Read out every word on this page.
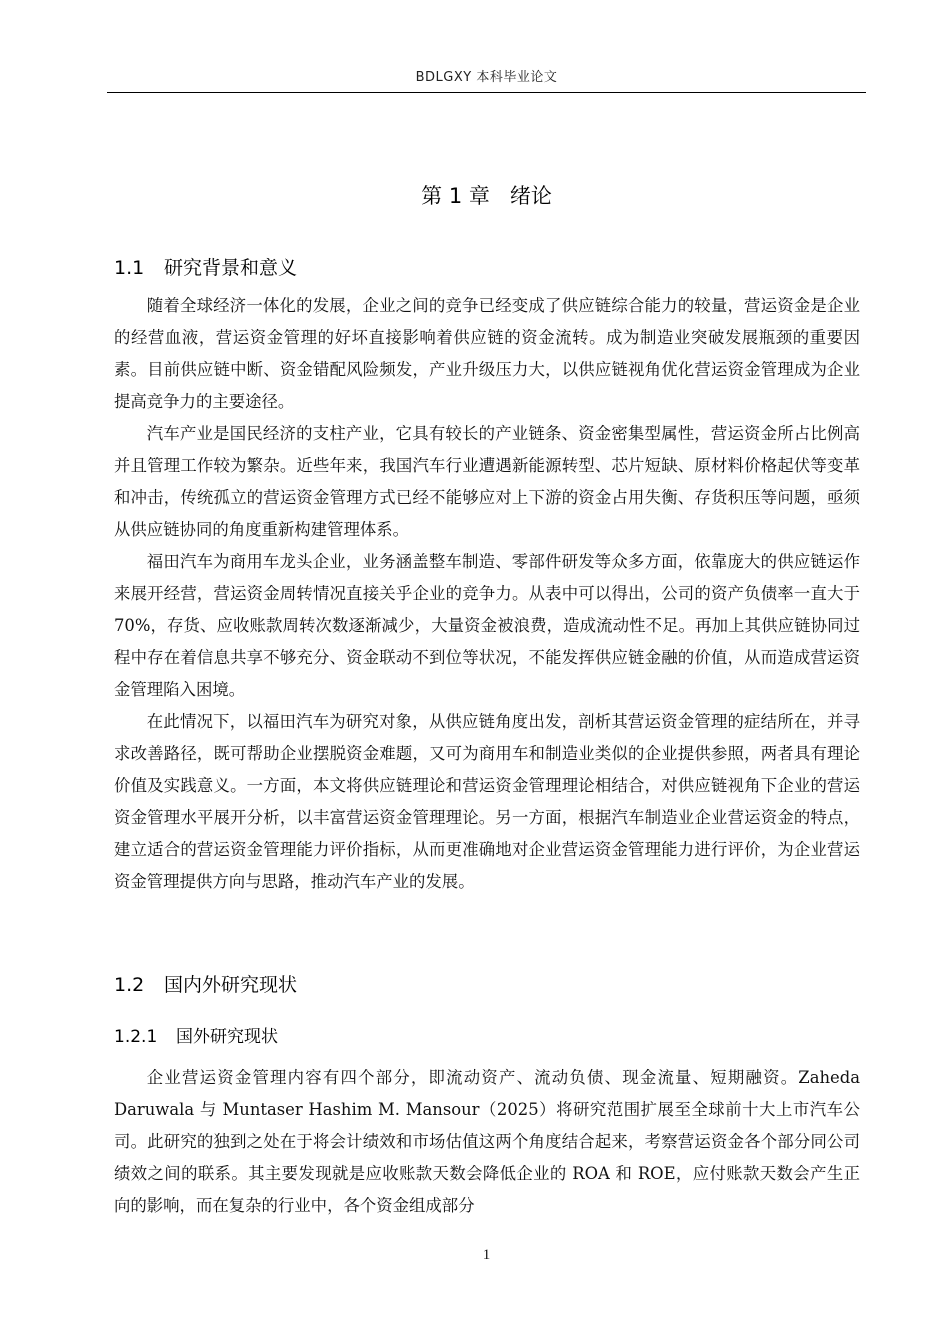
BDLGXY 本科毕业论文
第 1 章 绪论
1.1 研究背景和意义

随着全球经济一体化的发展，企业之间的竞争已经变成了供应链综合能力的较量，营运资金是企业的经营血液，营运资金管理的好坏直接影响着供应链的资金流转。成为制造业突破发展瓶颈的重要因素。目前供应链中断、资金错配风险频发，产业升级压力大，以供应链视角优化营运资金管理成为企业提高竞争力的主要途径。

汽车产业是国民经济的支柱产业，它具有较长的产业链条、资金密集型属性，营运资金所占比例高并且管理工作较为繁杂。近些年来，我国汽车行业遭遇新能源转型、芯片短缺、原材料价格起伏等变革和冲击，传统孤立的营运资金管理方式已经不能够应对上下游的资金占用失衡、存货积压等问题，亟须从供应链协同的角度重新构建管理体系。

福田汽车为商用车龙头企业，业务涵盖整车制造、零部件研发等众多方面，依靠庞大的供应链运作来展开经营，营运资金周转情况直接关乎企业的竞争力。从表中可以得出，公司的资产负债率一直大于 70%，存货、应收账款周转次数逐渐减少，大量资金被浪费，造成流动性不足。再加上其供应链协同过程中存在着信息共享不够充分、资金联动不到位等状况，不能发挥供应链金融的价值，从而造成营运资金管理陷入困境。

在此情况下，以福田汽车为研究对象，从供应链角度出发，剖析其营运资金管理的症结所在，并寻求改善路径，既可帮助企业摆脱资金难题，又可为商用车和制造业类似的企业提供参照，两者具有理论价值及实践意义。一方面，本文将供应链理论和营运资金管理理论相结合，对供应链视角下企业的营运资金管理水平展开分析，以丰富营运资金管理理论。另一方面，根据汽车制造业企业营运资金的特点，建立适合的营运资金管理能力评价指标，从而更准确地对企业营运资金管理能力进行评价，为企业营运资金管理提供方向与思路，推动汽车产业的发展。

1.2 国内外研究现状
1.2.1 国外研究现状

企业营运资金管理内容有四个部分，即流动资产、流动负债、现金流量、短期融资。Zaheda Daruwala 与 Muntaser Hashim M. Mansour（2025）将研究范围扩展至全球前十大上市汽车公司。此研究的独到之处在于将会计绩效和市场估值这两个角度结合起来，考察营运资金各个部分同公司绩效之间的联系。其主要发现就是应收账款天数会降低企业的 ROA 和 ROE，应付账款天数会产生正向的影响，而在复杂的行业中，各个资金组成部分

1
